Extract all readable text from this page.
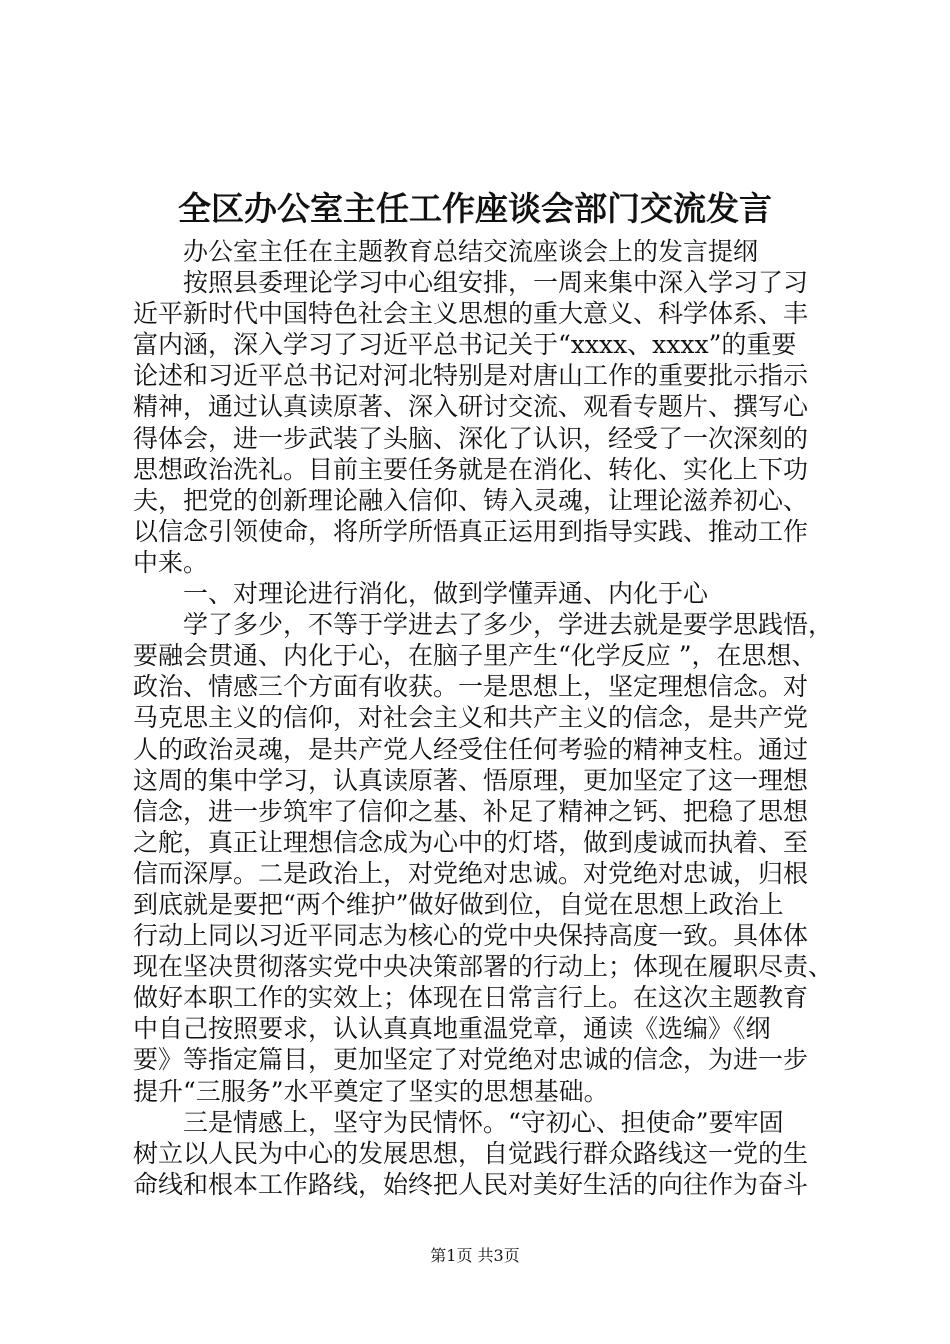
全区办公室主任工作座谈会部门交流发言
办公室主任在主题教育总结交流座谈会上的发言提纲
按照县委理论学习中心组安排，一周来集中深入学习了习
近平新时代中国特色社会主义思想的重大意义、科学体系、丰
富内涵，深入学习了习近平总书记关于“xxxx、xxxx”的重要
论述和习近平总书记对河北特别是对唐山工作的重要批示指示
精神，通过认真读原著、深入研讨交流、观看专题片、撰写心
得体会，进一步武装了头脑、深化了认识，经受了一次深刻的
思想政治洗礼。目前主要任务就是在消化、转化、实化上下功
夫，把党的创新理论融入信仰、铸入灵魂，让理论滋养初心、
以信念引领使命，将所学所悟真正运用到指导实践、推动工作
中来。
一、对理论进行消化，做到学懂弄通、内化于心
学了多少，不等于学进去了多少，学进去就是要学思践悟，
要融会贯通、内化于心，在脑子里产生“化学反应 ”，在思想、
政治、情感三个方面有收获。一是思想上，坚定理想信念。对
马克思主义的信仰，对社会主义和共产主义的信念，是共产党
人的政治灵魂，是共产党人经受住任何考验的精神支柱。通过
这周的集中学习，认真读原著、悟原理，更加坚定了这一理想
信念，进一步筑牢了信仰之基、补足了精神之钙、把稳了思想
之舵，真正让理想信念成为心中的灯塔，做到虔诚而执着、至
信而深厚。二是政治上，对党绝对忠诚。对党绝对忠诚，归根
到底就是要把“两个维护”做好做到位，自觉在思想上政治上
行动上同以习近平同志为核心的党中央保持高度一致。具体体
现在坚决贯彻落实党中央决策部署的行动上；体现在履职尽责、
做好本职工作的实效上；体现在日常言行上。在这次主题教育
中自己按照要求，认认真真地重温党章，通读《选编》《纲
要》等指定篇目，更加坚定了对党绝对忠诚的信念，为进一步
提升“三服务”水平奠定了坚实的思想基础。
三是情感上，坚守为民情怀。“守初心、担使命”要牢固
树立以人民为中心的发展思想，自觉践行群众路线这一党的生
命线和根本工作路线，始终把人民对美好生活的向往作为奋斗
第1页 共3页
